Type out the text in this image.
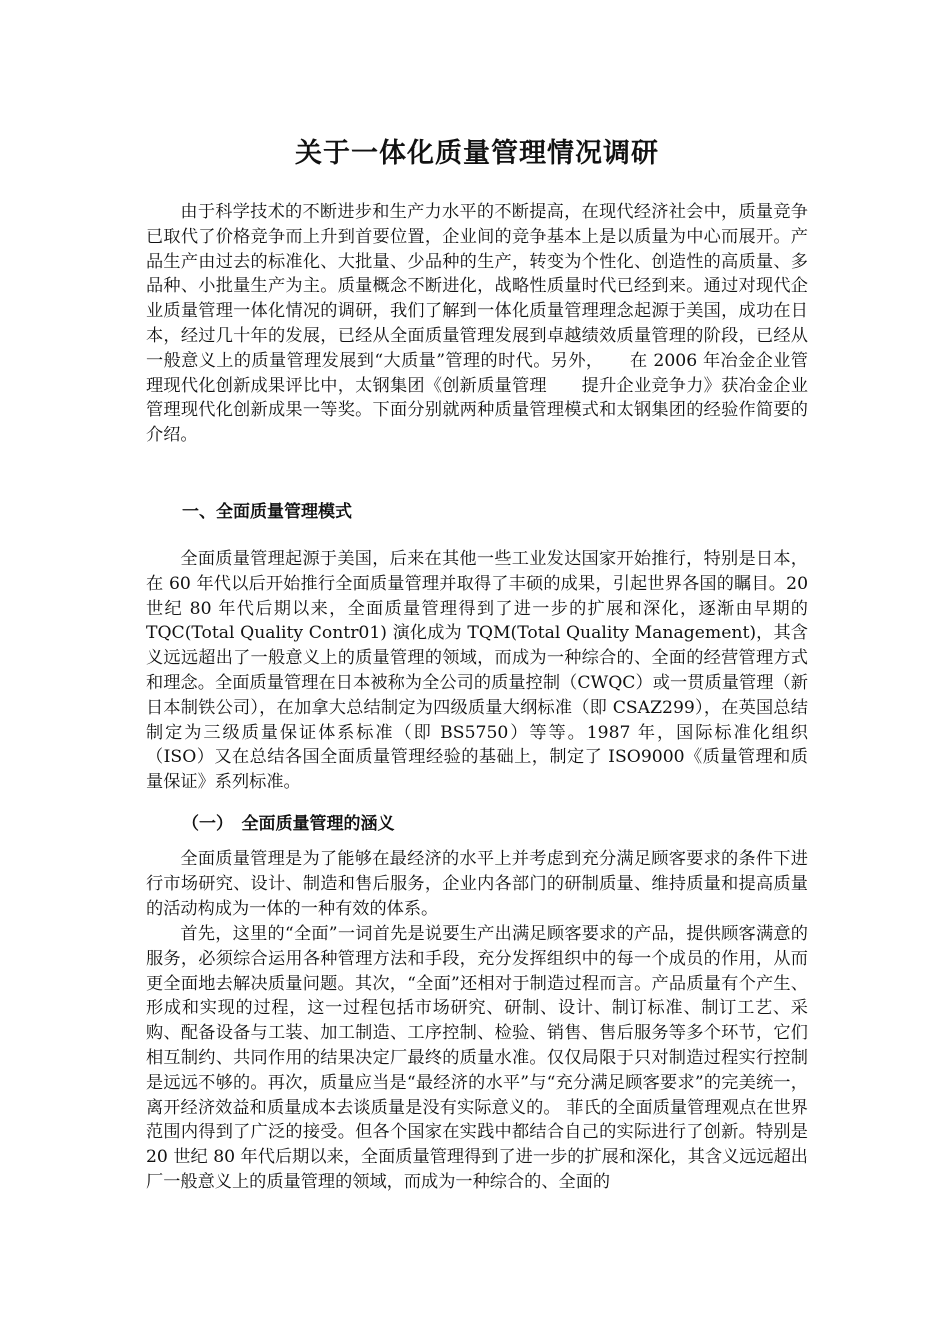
关于一体化质量管理情况调研

由于科学技术的不断进步和生产力水平的不断提高，在现代经济社会中，质量竞争已取代了价格竞争而上升到首要位置，企业间的竞争基本上是以质量为中心而展开。产品生产由过去的标准化、大批量、少品种的生产，转变为个性化、创造性的高质量、多品种、小批量生产为主。质量概念不断进化，战略性质量时代已经到来。通过对现代企业质量管理一体化情况的调研，我们了解到一体化质量管理理念起源于美国，成功在日本，经过几十年的发展，已经从全面质量管理发展到卓越绩效质量管理的阶段，已经从一般意义上的质量管理发展到“大质量”管理的时代。另外，　　在 2006 年冶金企业管理现代化创新成果评比中，太钢集团《创新质量管理　　提升企业竞争力》获冶金企业管理现代化创新成果一等奖。下面分别就两种质量管理模式和太钢集团的经验作简要的介绍。

一、全面质量管理模式

全面质量管理起源于美国，后来在其他一些工业发达国家开始推行，特别是日本，在 60 年代以后开始推行全面质量管理并取得了丰硕的成果，引起世界各国的瞩目。20 世纪 80 年代后期以来，全面质量管理得到了进一步的扩展和深化，逐渐由早期的 TQC(Total Quality Contr01) 演化成为 TQM(Total Quality Management)，其含义远远超出了一般意义上的质量管理的领域，而成为一种综合的、全面的经营管理方式和理念。全面质量管理在日本被称为全公司的质量控制（CWQC）或一贯质量管理（新日本制铁公司），在加拿大总结制定为四级质量大纲标准（即 CSAZ299），在英国总结制定为三级质量保证体系标准（即 BS5750）等等。1987 年，国际标准化组织（ISO）又在总结各国全面质量管理经验的基础上，制定了 ISO9000《质量管理和质量保证》系列标准。

（一）　全面质量管理的涵义

全面质量管理是为了能够在最经济的水平上并考虑到充分满足顾客要求的条件下进行市场研究、设计、制造和售后服务，企业内各部门的研制质量、维持质量和提高质量的活动构成为一体的一种有效的体系。

首先，这里的“全面”一词首先是说要生产出满足顾客要求的产品，提供顾客满意的服务，必须综合运用各种管理方法和手段，充分发挥组织中的每一个成员的作用，从而更全面地去解决质量问题。其次，“全面”还相对于制造过程而言。产品质量有个产生、形成和实现的过程，这一过程包括市场研究、研制、设计、制订标准、制订工艺、采购、配备设备与工装、加工制造、工序控制、检验、销售、售后服务等多个环节，它们相互制约、共同作用的结果决定厂最终的质量水准。仅仅局限于只对制造过程实行控制是远远不够的。再次，质量应当是“最经济的水平”与“充分满足顾客要求”的完美统一，离开经济效益和质量成本去谈质量是没有实际意义的。 菲氏的全面质量管理观点在世界范围内得到了广泛的接受。但各个国家在实践中都结合自己的实际进行了创新。特别是 20 世纪 80 年代后期以来，全面质量管理得到了进一步的扩展和深化，其含义远远超出厂一般意义上的质量管理的领域，而成为一种综合的、全面的
